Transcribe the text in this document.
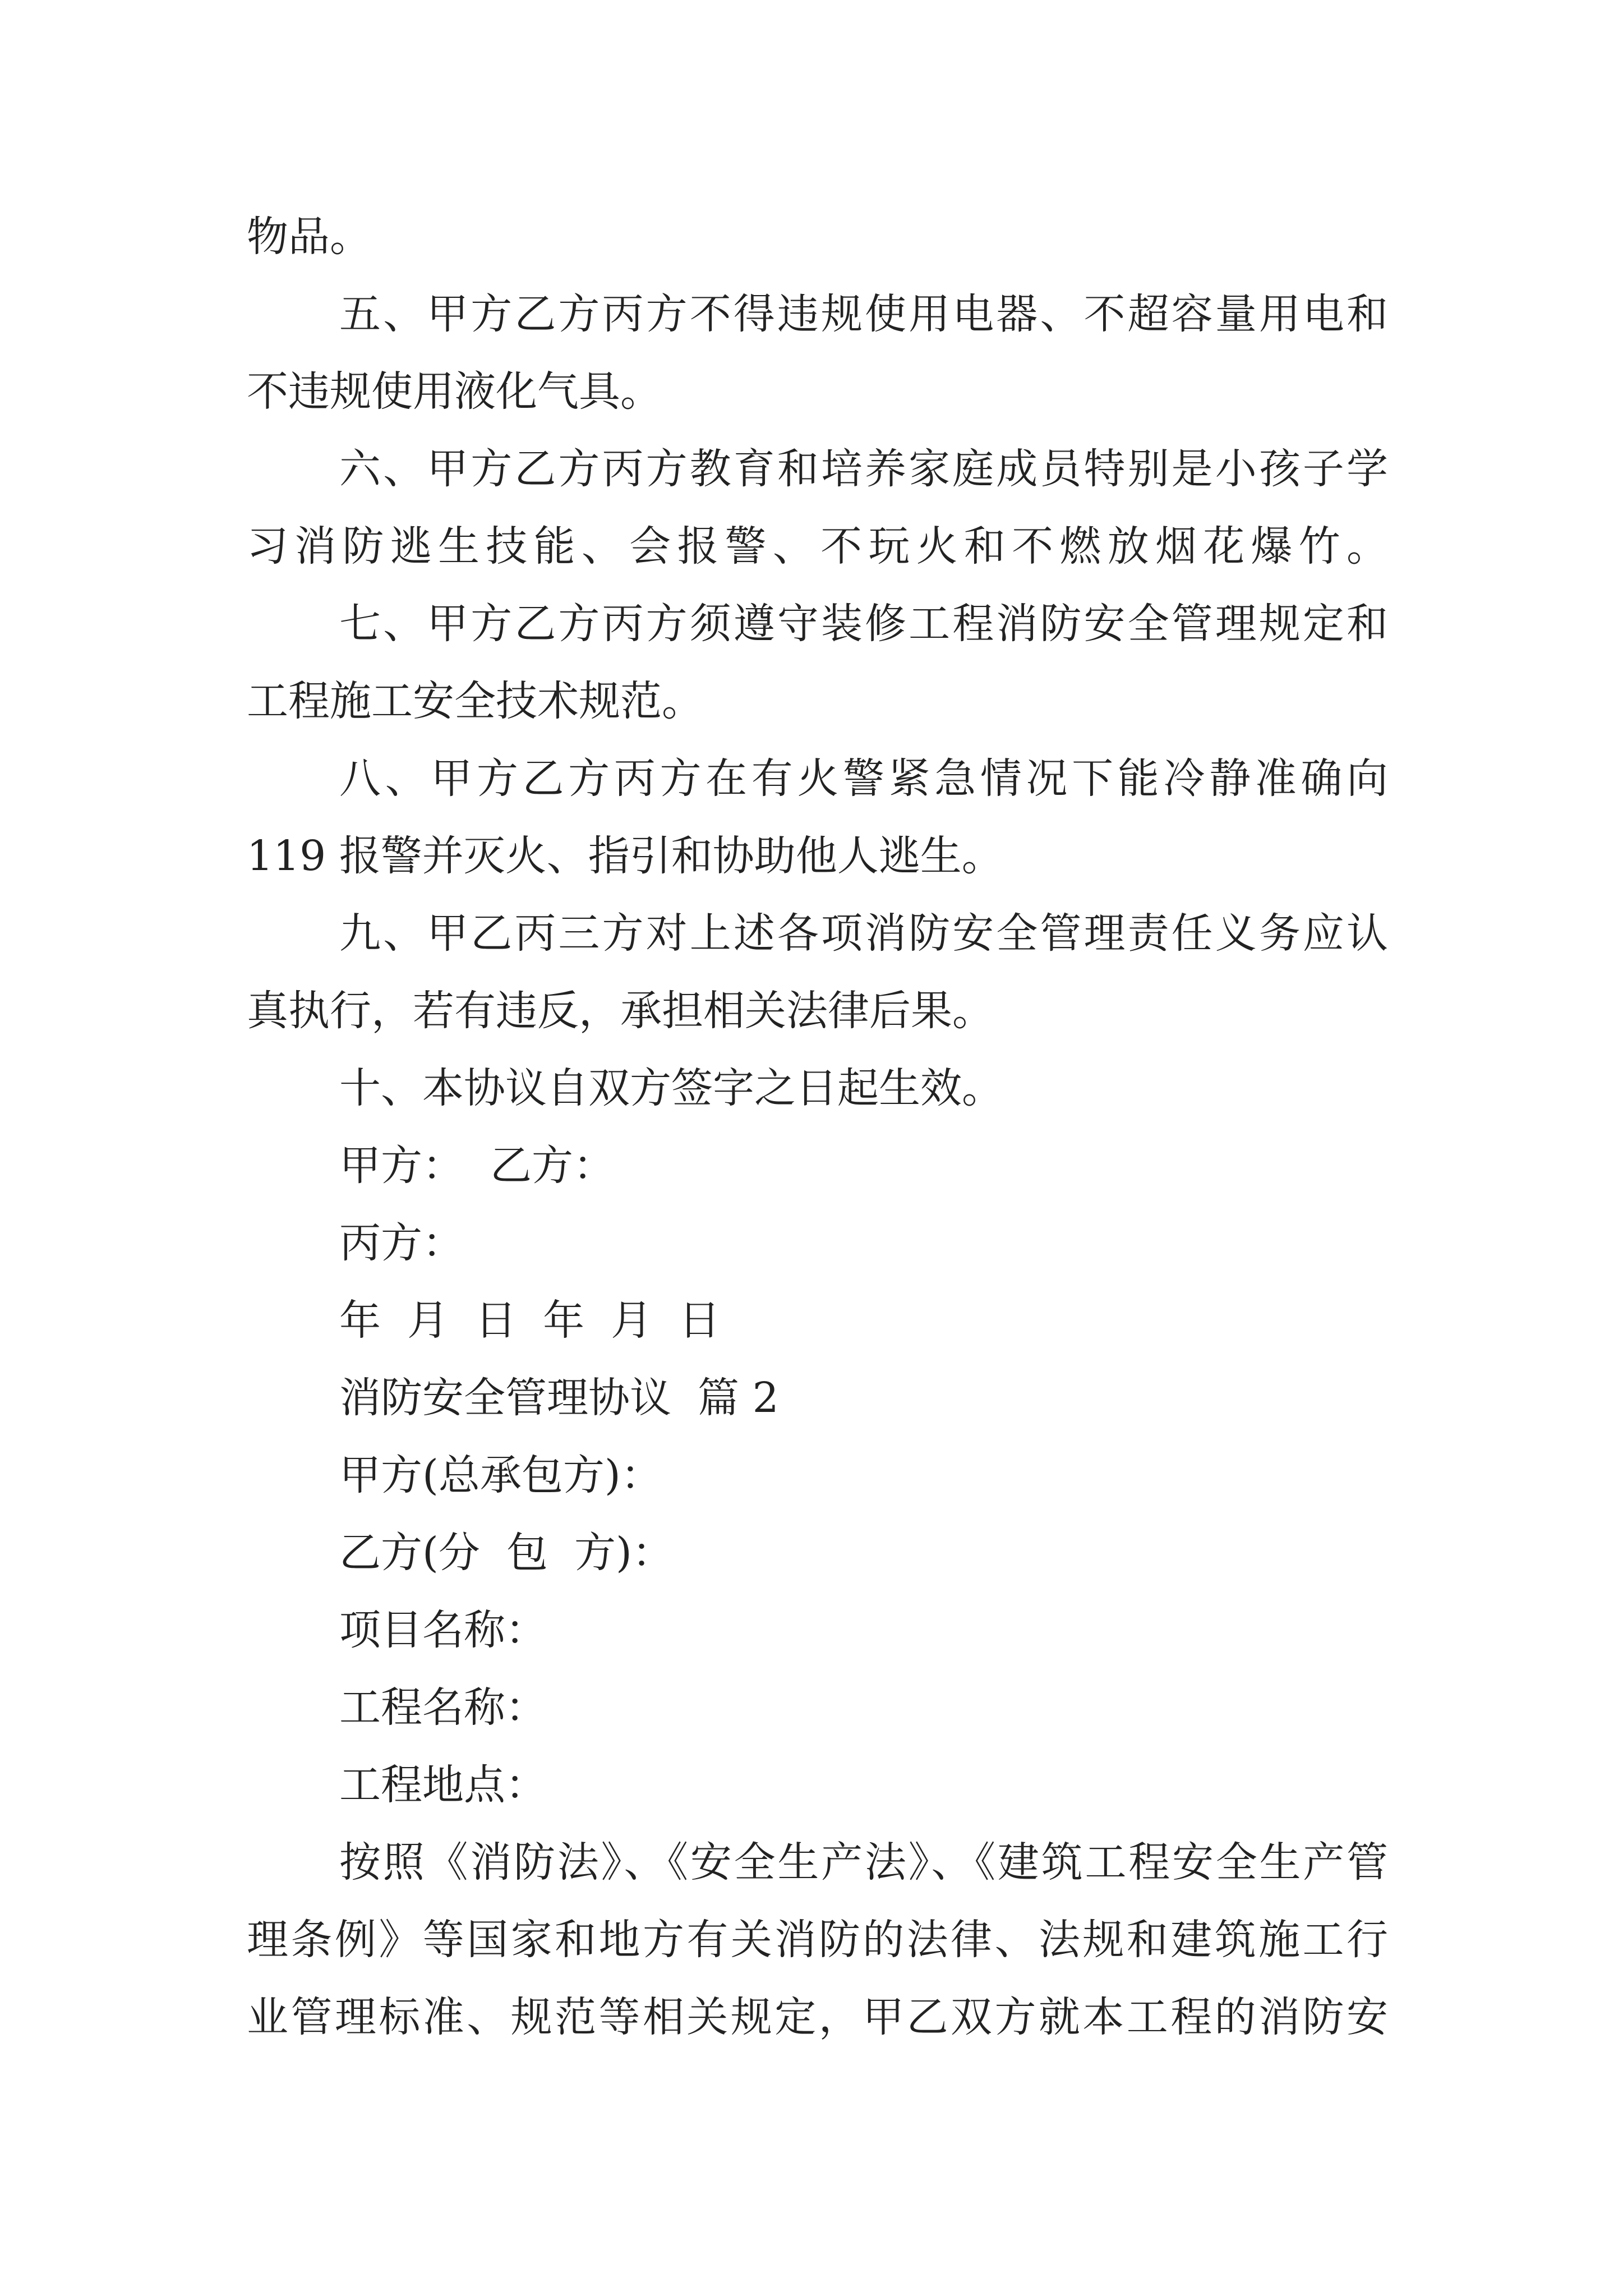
物品。

五、甲方乙方丙方不得违规使用电器、不超容量用电和

不违规使用液化气具。

六、甲方乙方丙方教育和培养家庭成员特别是小孩子学

习消防逃生技能、会报警、不玩火和不燃放烟花爆竹。

七、甲方乙方丙方须遵守装修工程消防安全管理规定和

工程施工安全技术规范。

八、甲方乙方丙方在有火警紧急情况下能冷静准确向

119 报警并灭火、指引和协助他人逃生。

九、甲乙丙三方对上述各项消防安全管理责任义务应认

真执行，若有违反，承担相关法律后果。

十、本协议自双方签字之日起生效。

甲方：  乙方：

丙方：

年  月  日  年  月  日

消防安全管理协议  篇 2

甲方(总承包方)：

乙方(分  包  方)：

项目名称：

工程名称：

工程地点：

按照《消防法》、《安全生产法》、《建筑工程安全生产管

理条例》等国家和地方有关消防的法律、法规和建筑施工行

业管理标准、规范等相关规定，甲乙双方就本工程的消防安
